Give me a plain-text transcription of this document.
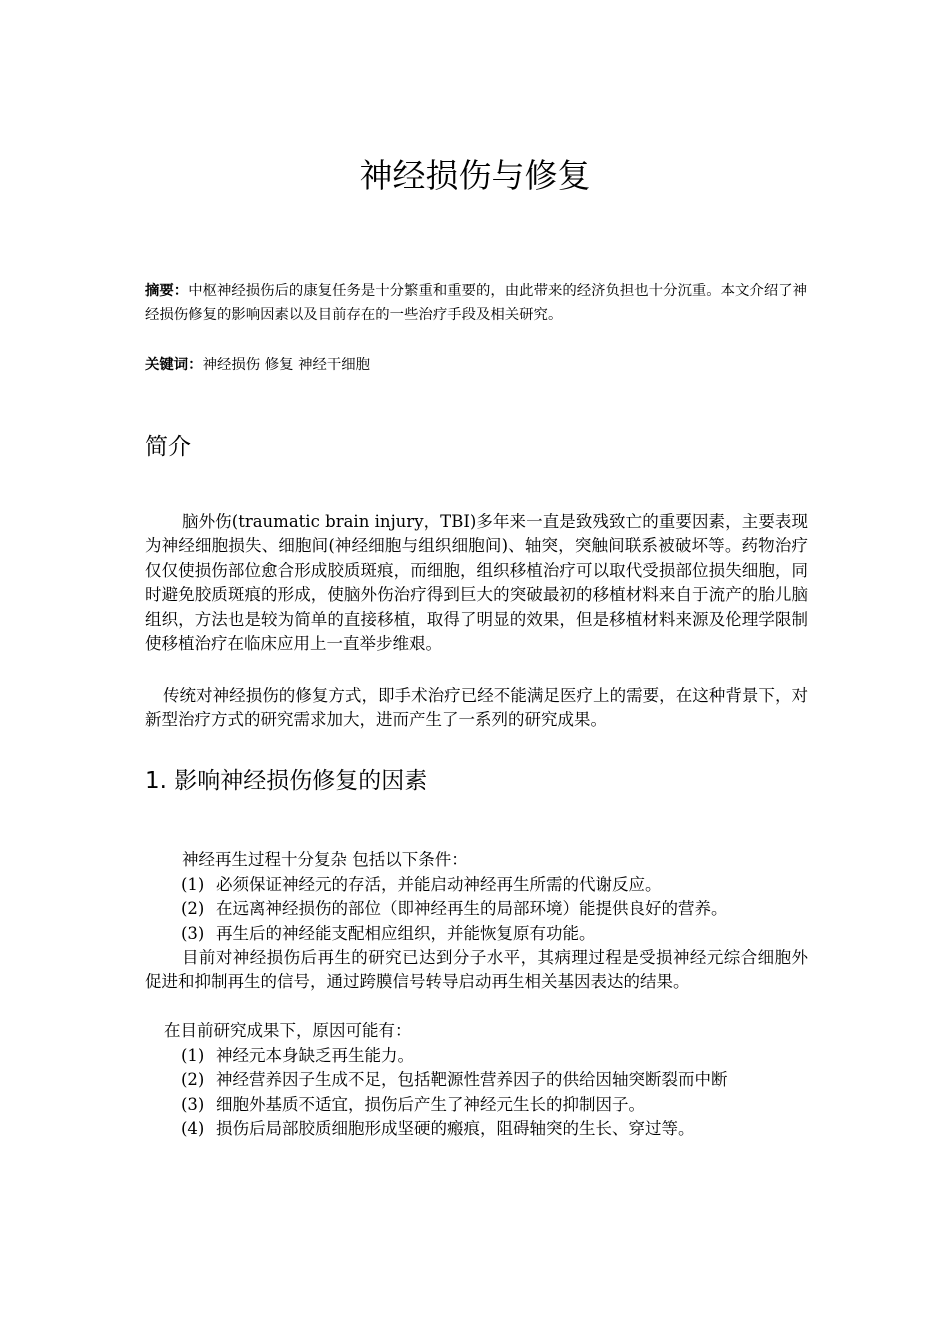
神经损伤与修复
摘要：中枢神经损伤后的康复任务是十分繁重和重要的，由此带来的经济负担也十分沉重。本文介绍了神经损伤修复的影响因素以及目前存在的一些治疗手段及相关研究。
关键词：神经损伤 修复 神经干细胞
简介

脑外伤(traumatic brain injury，TBI)多年来一直是致残致亡的重要因素，主要表现为神经细胞损失、细胞间(神经细胞与组织细胞间)、轴突，突触间联系被破坏等。药物治疗仅仅使损伤部位愈合形成胶质斑痕，而细胞，组织移植治疗可以取代受损部位损失细胞，同时避免胶质斑痕的形成，使脑外伤治疗得到巨大的突破最初的移植材料来自于流产的胎儿脑组织，方法也是较为简单的直接移植，取得了明显的效果，但是移植材料来源及伦理学限制使移植治疗在临床应用上一直举步维艰。

传统对神经损伤的修复方式，即手术治疗已经不能满足医疗上的需要，在这种背景下，对新型治疗方式的研究需求加大，进而产生了一系列的研究成果。

1. 影响神经损伤修复的因素

神经再生过程十分复杂 包括以下条件：

(1) 必须保证神经元的存活，并能启动神经再生所需的代谢反应。
(2) 在远离神经损伤的部位（即神经再生的局部环境）能提供良好的营养。
(3) 再生后的神经能支配相应组织，并能恢复原有功能。

目前对神经损伤后再生的研究已达到分子水平，其病理过程是受损神经元综合细胞外促进和抑制再生的信号，通过跨膜信号转导启动再生相关基因表达的结果。

在目前研究成果下，原因可能有：

(1) 神经元本身缺乏再生能力。
(2) 神经营养因子生成不足，包括靶源性营养因子的供给因轴突断裂而中断
(3) 细胞外基质不适宜，损伤后产生了神经元生长的抑制因子。
(4) 损伤后局部胶质细胞形成坚硬的瘢痕，阻碍轴突的生长、穿过等。
